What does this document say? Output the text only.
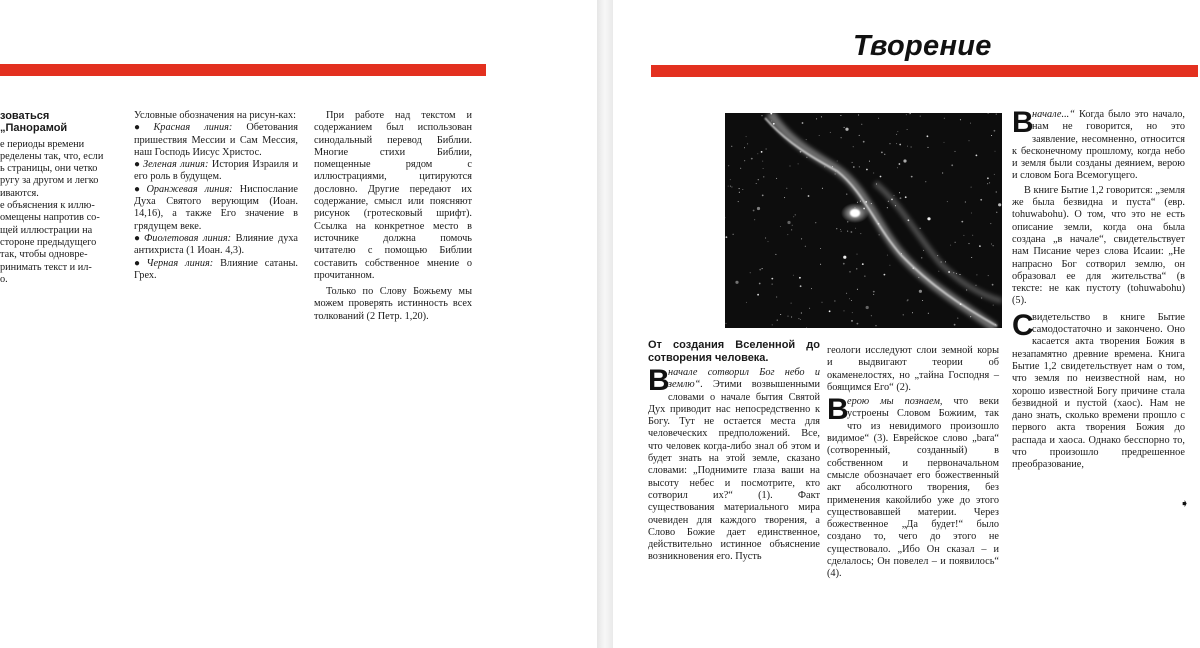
зоваться „Панорамой

е периоды времени

ределены так, что, если

ь страницы, они четко

ругу за другом и легко

иваются.

е объяснения к иллю-

омещены напротив со-

щей иллюстрации на

стороне предыдущего

так, чтобы одновре-

ринимать текст и ил-

о.

Условные обозначения на рисун-ках:

● Красная линия: Обетования пришествия Мессии и Сам Мессия, наш Господь Иисус Христос.

● Зеленая линия: История Израиля и его роль в будущем.

● Оранжевая линия: Ниспослание Духа Святого верующим (Иоан. 14,16), а также Его значение в грядущем веке.

● Фиолетовая линия: Влияние духа антихриста (1 Иоан. 4,3).

● Черная линия: Влияние сатаны. Грех.

При работе над текстом и содержанием был использован синодальный перевод Библии. Многие стихи Библии, помещенные рядом с иллюстрациями, цитируются дословно. Другие передают их содержание, смысл или поясняют рисунок (гротесковый шрифт). Ссылка на конкретное место в источнике должна помочь читателю с помощью Библии составить собственное мнение о прочитанном.

Только по Слову Божьему мы можем проверять истинность всех толкований (2 Петр. 1,20).

Творение
От создания Вселенной до сотворения человека.

В
начале сотворил Бог небо и землю“. Этими возвышенными словами о начале бытия Святой Дух приводит нас непосредственно к Богу. Тут не остается места для человеческих предположений. Все, что человек когда-либо знал об этом и будет знать на этой земле, сказано словами: „Поднимите глаза ваши на высоту небес и посмотрите, кто сотворил их?“ (1). Факт существования материального мира очевиден для каждого творения, а Слово Божие дает единственное, действительно истинное объяснение возникновения его. Пусть

геологи исследуют слои земной коры и выдвигают теории об окаменелостях, но „тайна Господня – боящимся Его“ (2).

В
ерою мы познаем, что веки устроены Словом Божиим, так что из невидимого произошло видимое“ (3). Еврейское слово „bara“ (сотворенный, созданный) в собственном и первоначальном смысле обозначает его божественный акт абсолютного творения, без применения какойлибо уже до этого существовавшей материи. Через божественное „Да будет!“ было создано то, чего до этого не существовало. „Ибо Он сказал – и сделалось; Он повелел – и появилось“ (4).

В
начале...“ Когда было это начало, нам не говорится, но это заявление, несомненно, относится к бесконечному прошлому, когда небо и земля были созданы деянием, верою и словом Бога Всемогущего.

В книге Бытие 1,2 говорится: „земля же была безвидна и пуста“ (евр. tohuwabohu). О том, что это не есть описание земли, когда она была создана „в начале“, свидетельствует нам Писание через слова Исаии: „Не напрасно Бог сотворил землю, он образовал ее для жительства“ (в тексте: не как пустоту (tohuwabohu) (5).

С
видетельство в книге Бытие самодостаточно и закончено. Оно касается акта творения Божия в незапамятно древние времена. Книга Бытие 1,2 свидетельствует нам о том, что земля по неизвестной нам, но хорошо известной Богу причине стала безвидной и пустой (хаос). Нам не дано знать, сколько времени прошло с первого акта творения Божия до распада и хаоса. Однако бесспорно то, что произошло предрешенное преобразование,

➧
